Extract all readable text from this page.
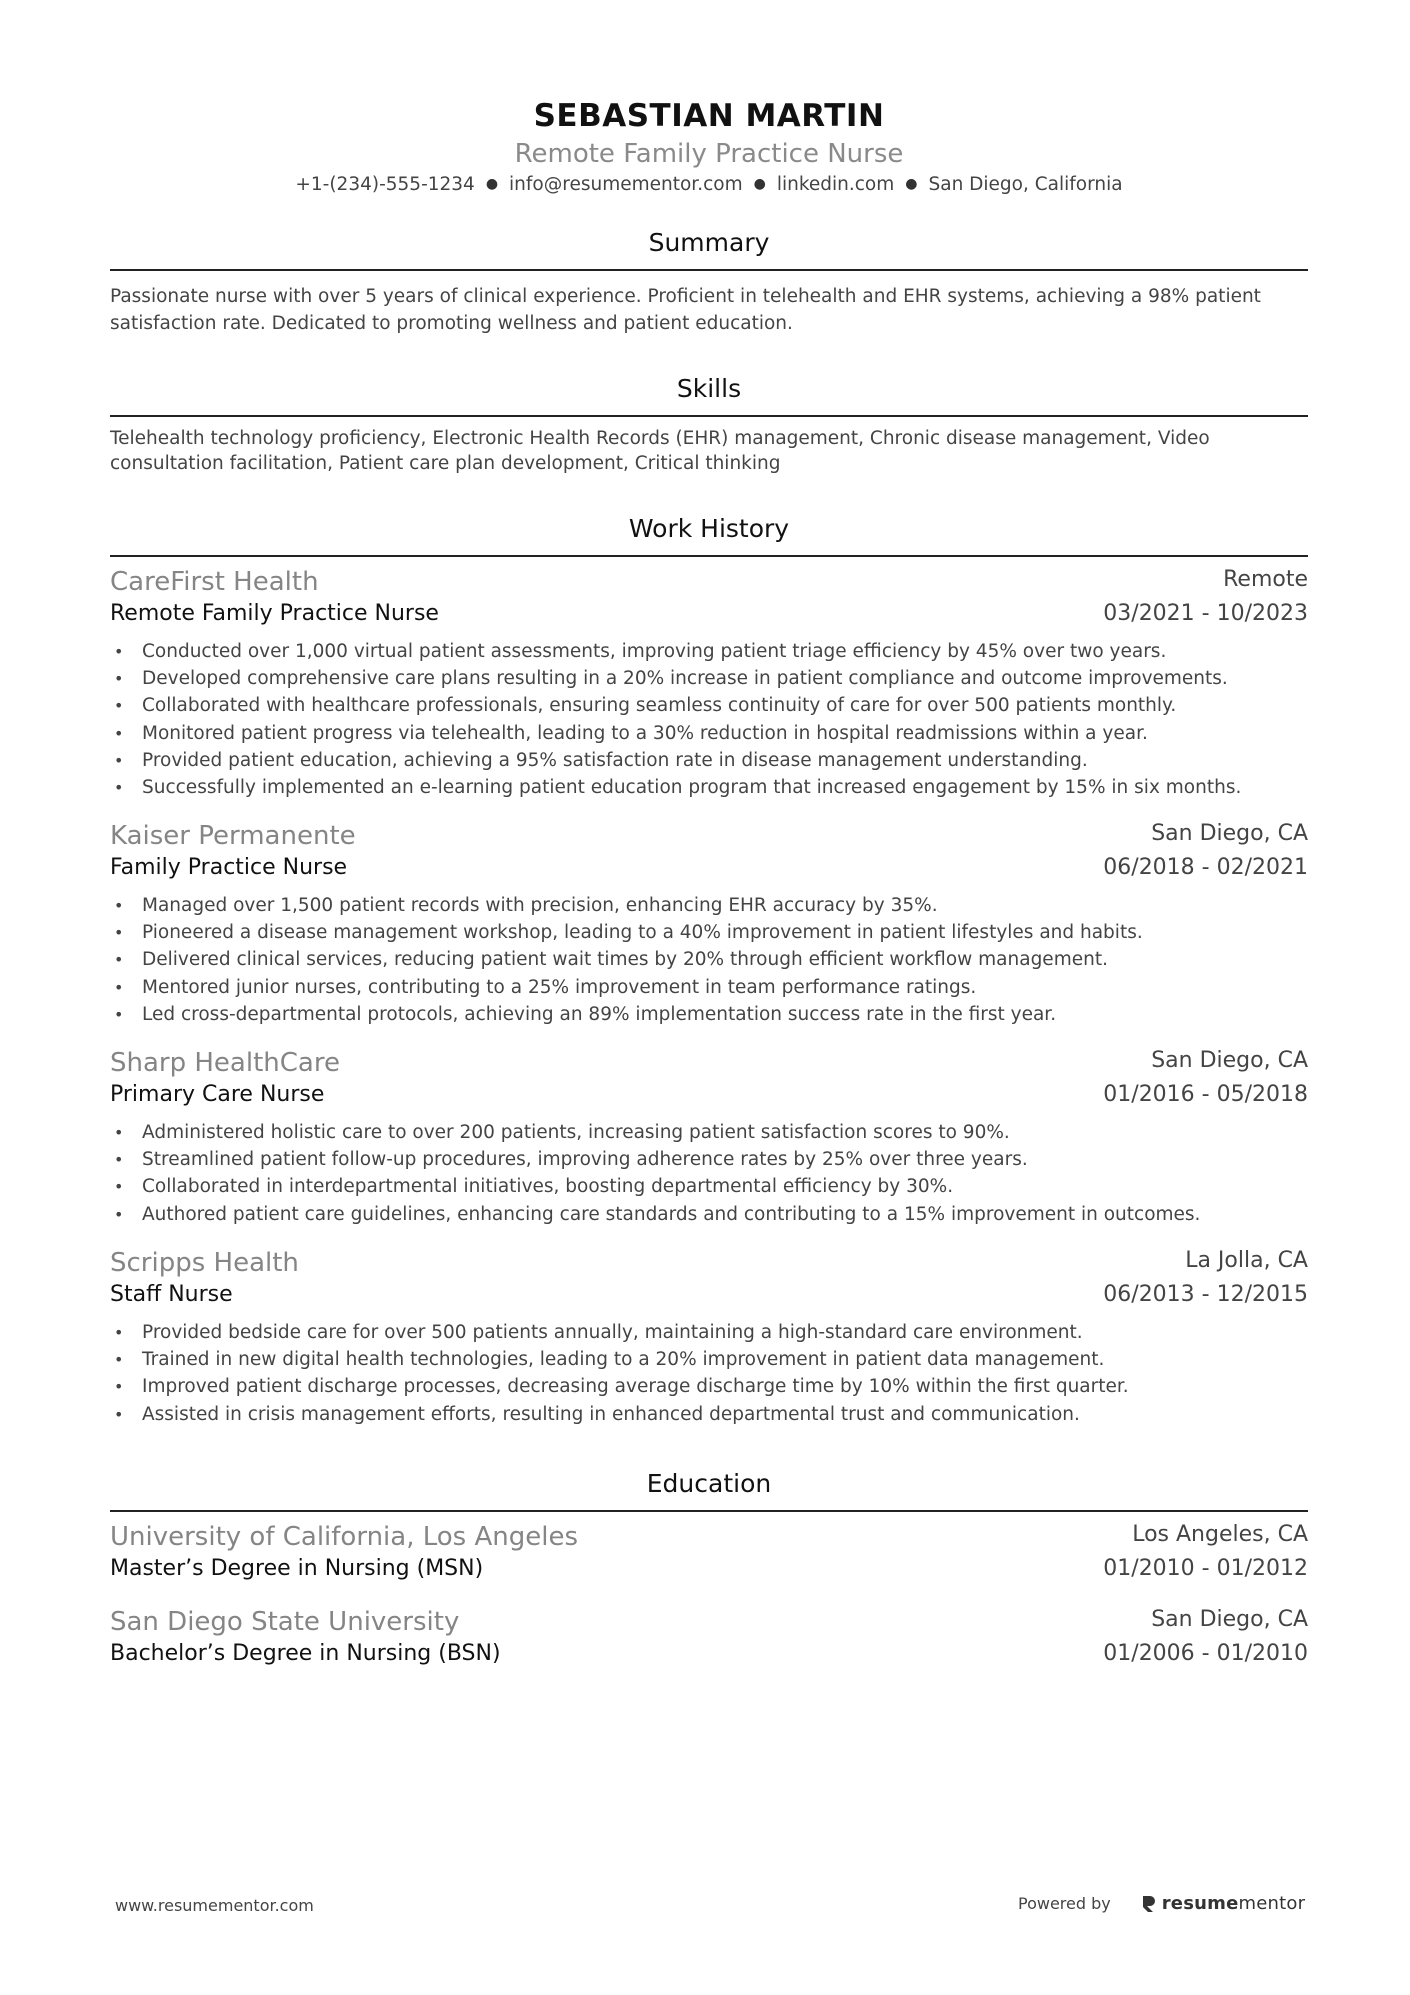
SEBASTIAN MARTIN
Remote Family Practice Nurse
+1-(234)-555-1234 ● info@resumementor.com ● linkedin.com ● San Diego, California
Summary
Passionate nurse with over 5 years of clinical experience. Proficient in telehealth and EHR systems, achieving a 98% patient satisfaction rate. Dedicated to promoting wellness and patient education.
Skills
Telehealth technology proficiency, Electronic Health Records (EHR) management, Chronic disease management, Video consultation facilitation, Patient care plan development, Critical thinking
Work History
CareFirst Health	Remote
Remote Family Practice Nurse	03/2021 - 10/2023
• Conducted over 1,000 virtual patient assessments, improving patient triage efficiency by 45% over two years.
• Developed comprehensive care plans resulting in a 20% increase in patient compliance and outcome improvements.
• Collaborated with healthcare professionals, ensuring seamless continuity of care for over 500 patients monthly.
• Monitored patient progress via telehealth, leading to a 30% reduction in hospital readmissions within a year.
• Provided patient education, achieving a 95% satisfaction rate in disease management understanding.
• Successfully implemented an e-learning patient education program that increased engagement by 15% in six months.
Kaiser Permanente	San Diego, CA
Family Practice Nurse	06/2018 - 02/2021
• Managed over 1,500 patient records with precision, enhancing EHR accuracy by 35%.
• Pioneered a disease management workshop, leading to a 40% improvement in patient lifestyles and habits.
• Delivered clinical services, reducing patient wait times by 20% through efficient workflow management.
• Mentored junior nurses, contributing to a 25% improvement in team performance ratings.
• Led cross-departmental protocols, achieving an 89% implementation success rate in the first year.
Sharp HealthCare	San Diego, CA
Primary Care Nurse	01/2016 - 05/2018
• Administered holistic care to over 200 patients, increasing patient satisfaction scores to 90%.
• Streamlined patient follow-up procedures, improving adherence rates by 25% over three years.
• Collaborated in interdepartmental initiatives, boosting departmental efficiency by 30%.
• Authored patient care guidelines, enhancing care standards and contributing to a 15% improvement in outcomes.
Scripps Health	La Jolla, CA
Staff Nurse	06/2013 - 12/2015
• Provided bedside care for over 500 patients annually, maintaining a high-standard care environment.
• Trained in new digital health technologies, leading to a 20% improvement in patient data management.
• Improved patient discharge processes, decreasing average discharge time by 10% within the first quarter.
• Assisted in crisis management efforts, resulting in enhanced departmental trust and communication.
Education
University of California, Los Angeles	Los Angeles, CA
Master’s Degree in Nursing (MSN)	01/2010 - 01/2012
San Diego State University	San Diego, CA
Bachelor’s Degree in Nursing (BSN)	01/2006 - 01/2010
www.resumementor.com	Powered by	resume mentor
